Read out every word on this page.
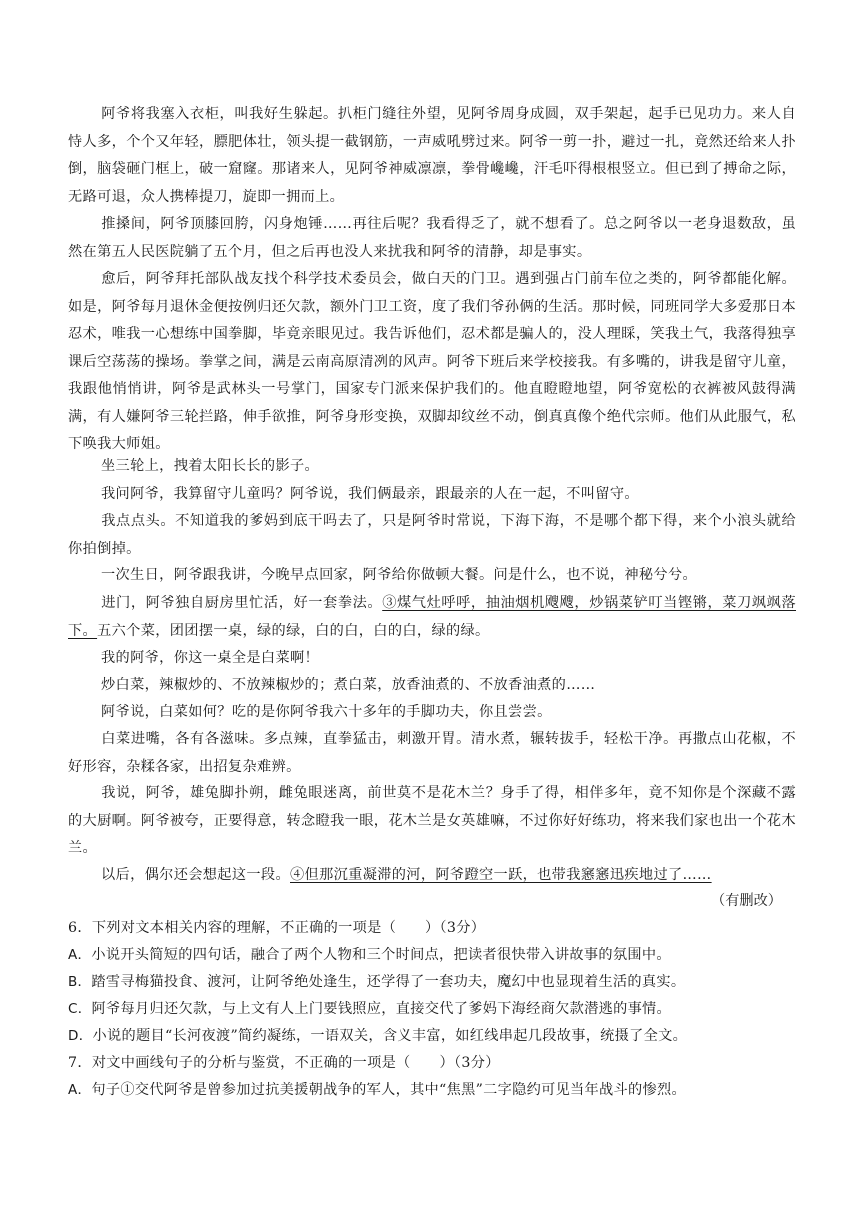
阿爷将我塞入衣柜，叫我好生躲起。扒柜门缝往外望，见阿爷周身成圆，双手架起，起手已见功力。来人自恃人多，个个又年轻，膘肥体壮，领头提一截钢筋，一声威吼劈过来。阿爷一剪一扑，避过一扎，竟然还给来人扑倒，脑袋砸门框上，破一窟窿。那诸来人，见阿爷神威凛凛，拳骨巉巉，汗毛吓得根根竖立。但已到了搏命之际，无路可退，众人携棒提刀，旋即一拥而上。

推搡间，阿爷顶膝回胯，闪身炮锤……再往后呢？我看得乏了，就不想看了。总之阿爷以一老身退数敌，虽然在第五人民医院躺了五个月，但之后再也没人来扰我和阿爷的清静，却是事实。

愈后，阿爷拜托部队战友找个科学技术委员会，做白天的门卫。遇到强占门前车位之类的，阿爷都能化解。如是，阿爷每月退休金便按例归还欠款，额外门卫工资，度了我们爷孙俩的生活。那时候，同班同学大多爱那日本忍术，唯我一心想练中国拳脚，毕竟亲眼见过。我告诉他们，忍术都是骗人的，没人理睬，笑我土气，我落得独享课后空荡荡的操场。拳掌之间，满是云南高原清冽的风声。阿爷下班后来学校接我。有多嘴的，讲我是留守儿童，我跟他悄悄讲，阿爷是武林头一号掌门，国家专门派来保护我们的。他直瞪瞪地望，阿爷宽松的衣裤被风鼓得满满，有人嫌阿爷三轮拦路，伸手欲推，阿爷身形变换，双脚却纹丝不动，倒真真像个绝代宗师。他们从此服气，私下唤我大师姐。

坐三轮上，拽着太阳长长的影子。

我问阿爷，我算留守儿童吗？阿爷说，我们俩最亲，跟最亲的人在一起，不叫留守。

我点点头。不知道我的爹妈到底干吗去了，只是阿爷时常说，下海下海，不是哪个都下得，来个小浪头就给你拍倒掉。

一次生日，阿爷跟我讲，今晚早点回家，阿爷给你做顿大餐。问是什么，也不说，神秘兮兮。

进门，阿爷独自厨房里忙活，好一套拳法。③煤气灶呼呼，抽油烟机飕飕，炒锅菜铲叮当铿锵，菜刀飒飒落下。五六个菜，团团摆一桌，绿的绿，白的白，白的白，绿的绿。

我的阿爷，你这一桌全是白菜啊！

炒白菜，辣椒炒的、不放辣椒炒的；煮白菜，放香油煮的、不放香油煮的……

阿爷说，白菜如何？吃的是你阿爷我六十多年的手脚功夫，你且尝尝。

白菜进嘴，各有各滋味。多点辣，直拳猛击，刺激开胃。清水煮，辗转拔手，轻松干净。再撒点山花椒，不好形容，杂糅各家，出招复杂难辨。

我说，阿爷，雄兔脚扑朔，雌兔眼迷离，前世莫不是花木兰？身手了得，相伴多年，竟不知你是个深藏不露的大厨啊。阿爷被夸，正要得意，转念瞪我一眼，花木兰是女英雄嘛，不过你好好练功，将来我们家也出一个花木兰。

以后，偶尔还会想起这一段。④但那沉重凝滞的河，阿爷蹬空一跃，也带我窸窸迅疾地过了……

（有删改）
6．下列对文本相关内容的理解，不正确的一项是（　　）（3分）
A．小说开头简短的四句话，融合了两个人物和三个时间点，把读者很快带入讲故事的氛围中。
B．踏雪寻梅猫投食、渡河，让阿爷绝处逢生，还学得了一套功夫，魔幻中也显现着生活的真实。
C．阿爷每月归还欠款，与上文有人上门要钱照应，直接交代了爹妈下海经商欠款潜逃的事情。
D．小说的题目“长河夜渡”简约凝练，一语双关，含义丰富，如红线串起几段故事，统摄了全文。
7．对文中画线句子的分析与鉴赏，不正确的一项是（　　）（3分）
A．句子①交代阿爷是曾参加过抗美援朝战争的军人，其中“焦黑”二字隐约可见当年战斗的惨烈。
